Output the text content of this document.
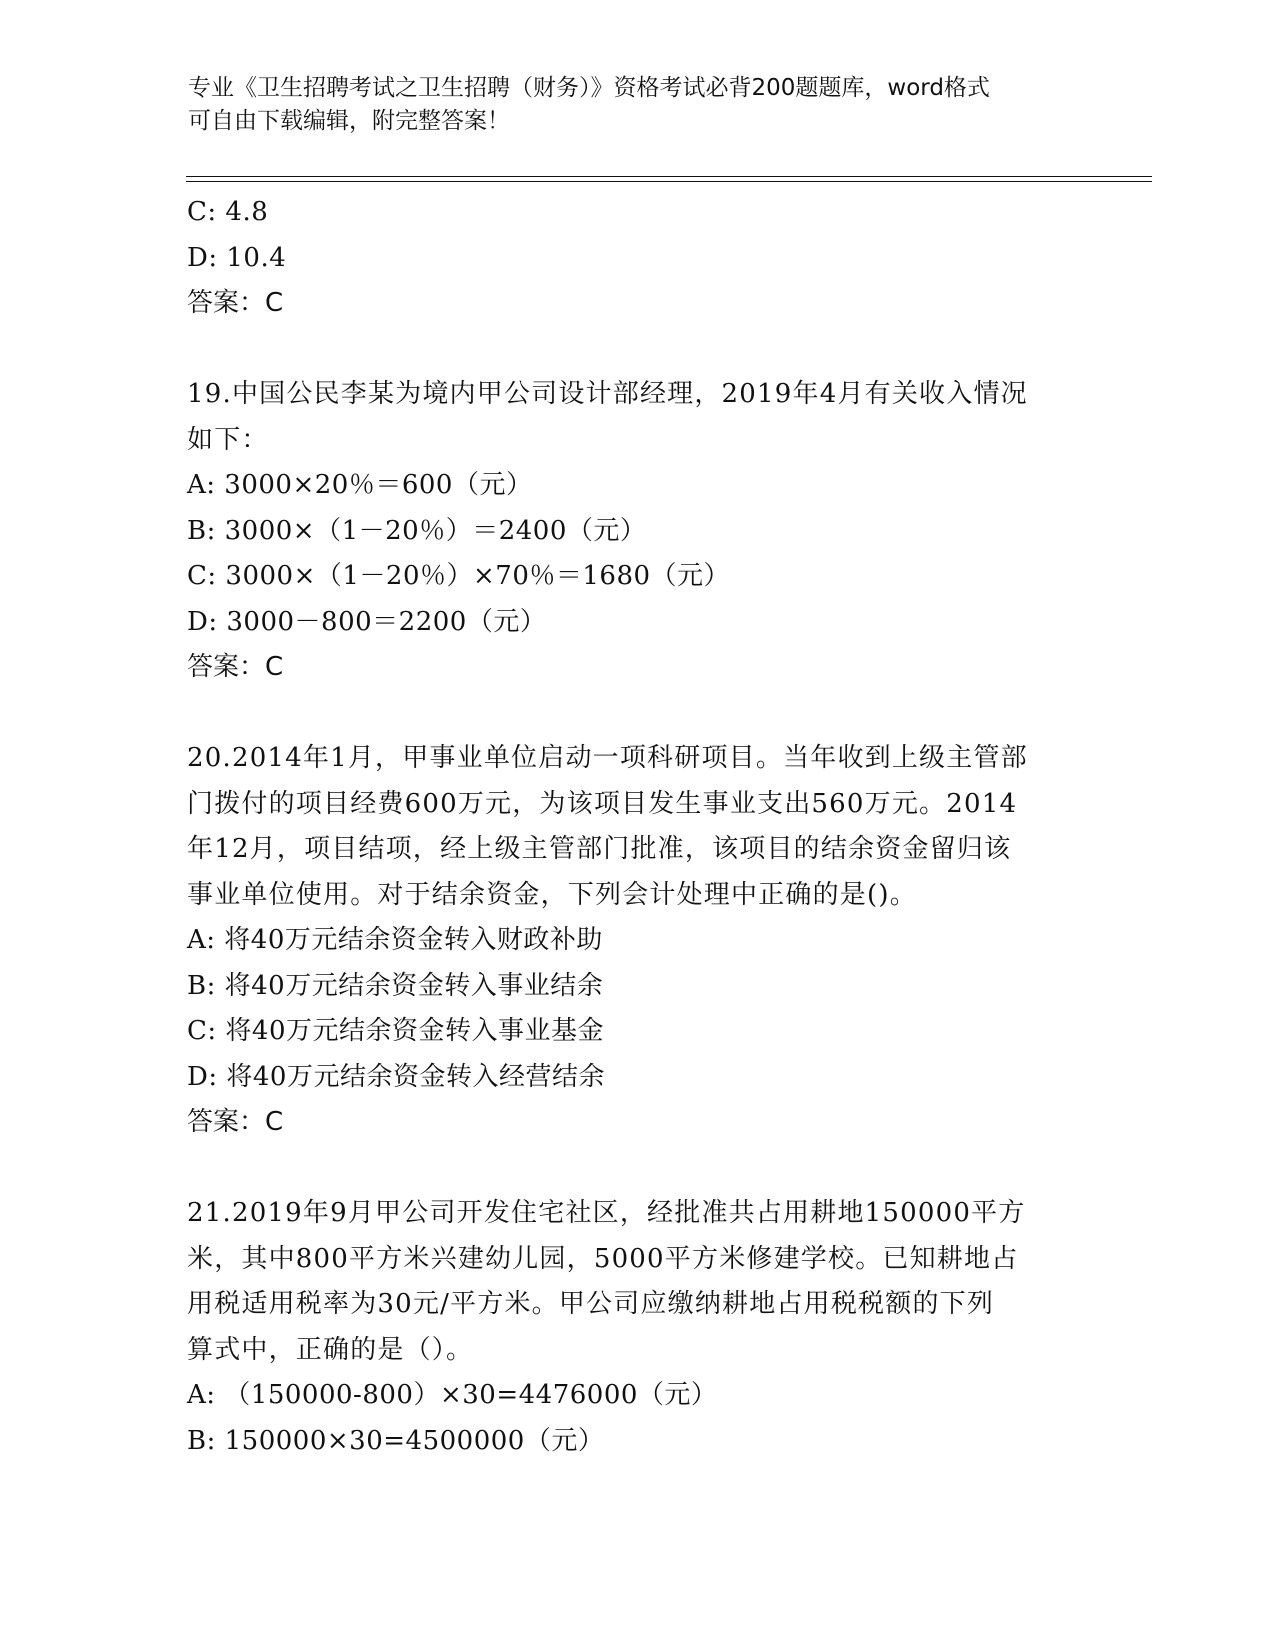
专业《卫生招聘考试之卫生招聘（财务）》资格考试必背200题题库，word格式
可自由下载编辑，附完整答案！
C: 4.8
D: 10.4
答案：C
19.中国公民李某为境内甲公司设计部经理，2019年4月有关收入情况
如下：
A: 3000×20％＝600（元）
B: 3000×（1－20％）＝2400（元）
C: 3000×（1－20％）×70％＝1680（元）
D: 3000－800＝2200（元）
答案：C
20.2014年1月，甲事业单位启动一项科研项目。当年收到上级主管部
门拨付的项目经费600万元，为该项目发生事业支出560万元。2014
年12月，项目结项，经上级主管部门批准，该项目的结余资金留归该
事业单位使用。对于结余资金，下列会计处理中正确的是()。
A: 将40万元结余资金转入财政补助
B: 将40万元结余资金转入事业结余
C: 将40万元结余资金转入事业基金
D: 将40万元结余资金转入经营结余
答案：C
21.2019年9月甲公司开发住宅社区，经批准共占用耕地150000平方
米，其中800平方米兴建幼儿园，5000平方米修建学校。已知耕地占
用税适用税率为30元/平方米。甲公司应缴纳耕地占用税税额的下列
算式中，正确的是（）。
A: （150000-800）×30=4476000（元）
B: 150000×30=4500000（元）
